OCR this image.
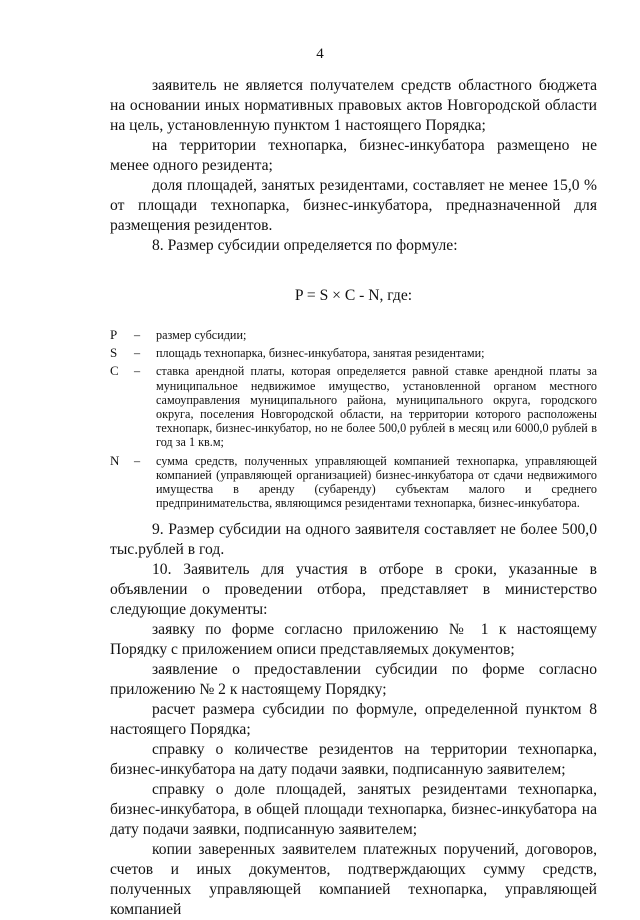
4

заявитель не является получателем средств областного бюджета на основании иных нормативных правовых актов Новгородской области на цель, установленную пунктом 1 настоящего Порядка;

на территории технопарка, бизнес-инкубатора размещено не менее одного резидента;

доля площадей, занятых резидентами, составляет не менее 15,0 % от площади технопарка, бизнес-инкубатора, предназначенной для размещения резидентов.

8. Размер субсидии определяется по формуле:

P = S × C - N, где:
P	–	размер субсидии;
S	–	площадь технопарка, бизнес-инкубатора, занятая резидентами;
C	–	ставка арендной платы, которая определяется равной ставке арендной платы за муниципальное недвижимое имущество, установленной органом местного самоуправления муниципального района, муниципального округа, городского округа, поселения Новгородской области, на территории которого расположены технопарк, бизнес-инкубатор, но не более 500,0 рублей в месяц или 6000,0 рублей в год за 1 кв.м;
N	–	сумма средств, полученных управляющей компанией технопарка, управляющей компанией (управляющей организацией) бизнес-инкубатора от сдачи недвижимого имущества в аренду (субаренду) субъектам малого и среднего предпринимательства, являющимся резидентами технопарка, бизнес-инкубатора.

9. Размер субсидии на одного заявителя составляет не более 500,0 тыс.рублей в год.

10. Заявитель для участия в отборе в сроки, указанные в объявлении о проведении отбора, представляет в министерство следующие документы:

заявку по форме согласно приложению № 1 к настоящему Порядку с приложением описи представляемых документов;

заявление о предоставлении субсидии по форме согласно приложению № 2 к настоящему Порядку;

расчет размера субсидии по формуле, определенной пунктом 8 настоящего Порядка;

справку о количестве резидентов на территории технопарка, бизнес-инкубатора на дату подачи заявки, подписанную заявителем;

справку о доле площадей, занятых резидентами технопарка, бизнес-инкубатора, в общей площади технопарка, бизнес-инкубатора на дату подачи заявки, подписанную заявителем;

копии заверенных заявителем платежных поручений, договоров, счетов и иных документов, подтверждающих сумму средств, полученных управляющей компанией технопарка, управляющей компанией
